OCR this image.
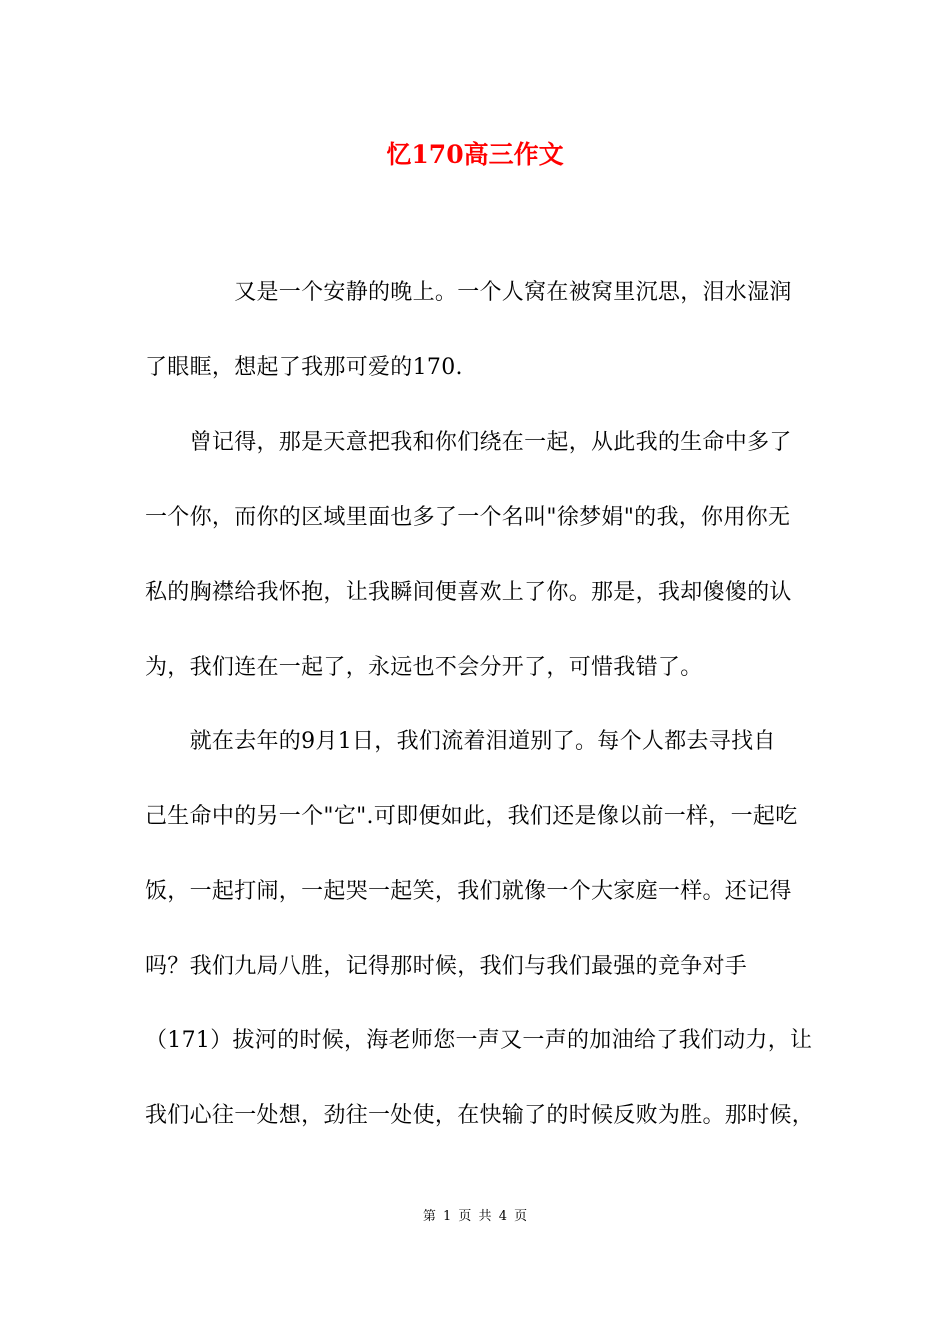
忆170高三作文
　　　　又是一个安静的晚上。一个人窝在被窝里沉思，泪水湿润
了眼眶，想起了我那可爱的170.
　　曾记得，那是天意把我和你们绕在一起，从此我的生命中多了
一个你，而你的区域里面也多了一个名叫"徐梦娟"的我，你用你无
私的胸襟给我怀抱，让我瞬间便喜欢上了你。那是，我却傻傻的认
为，我们连在一起了，永远也不会分开了，可惜我错了。
　　就在去年的9月1日，我们流着泪道别了。每个人都去寻找自
己生命中的另一个"它".可即便如此，我们还是像以前一样，一起吃
饭，一起打闹，一起哭一起笑，我们就像一个大家庭一样。还记得
吗？我们九局八胜，记得那时候，我们与我们最强的竞争对手
（171）拔河的时候，海老师您一声又一声的加油给了我们动力，让
我们心往一处想，劲往一处使，在快输了的时候反败为胜。那时候，
第 1 页 共 4 页
